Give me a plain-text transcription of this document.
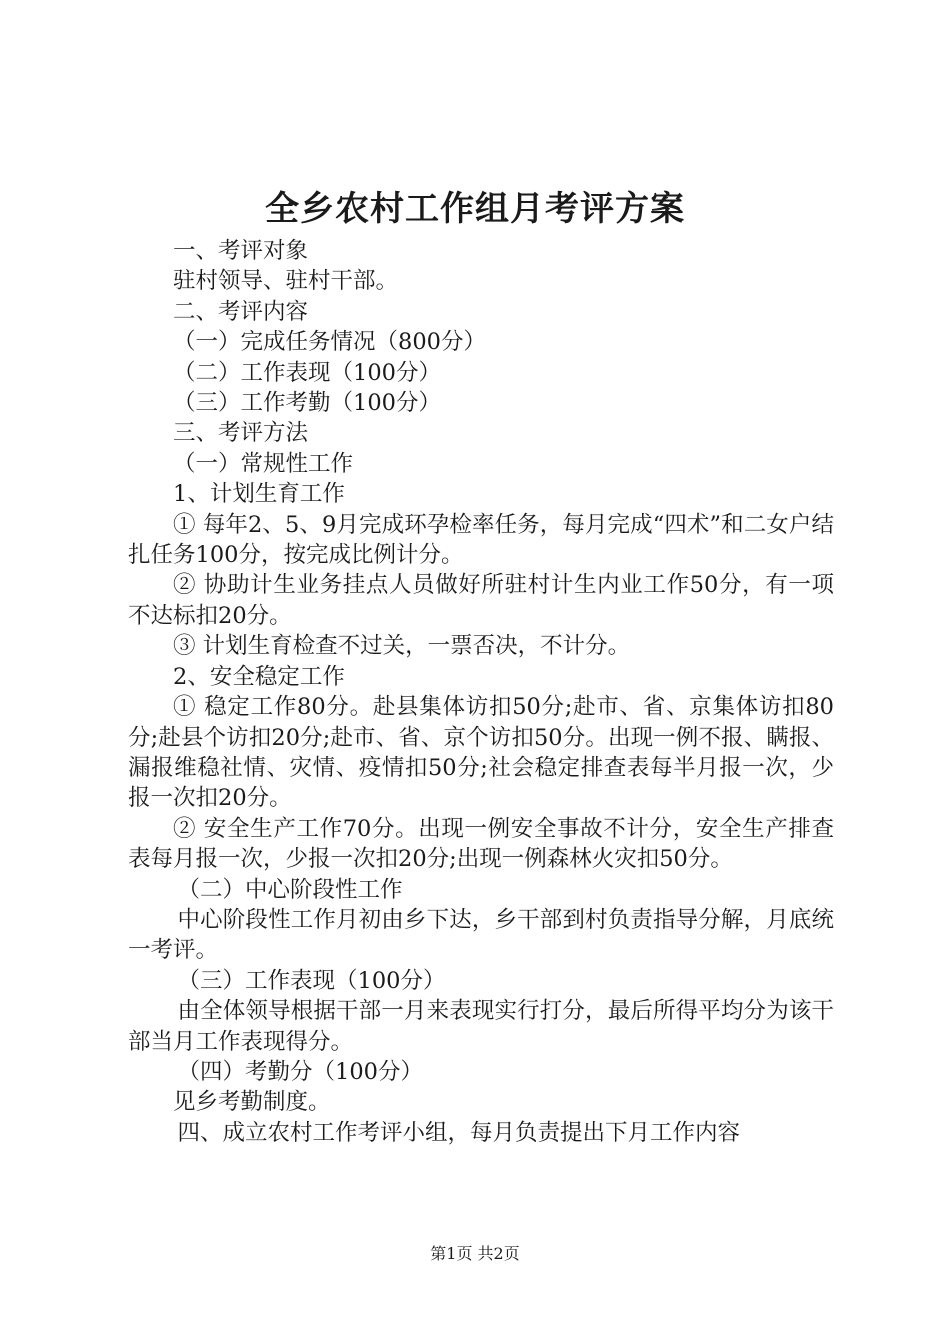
全乡农村工作组月考评方案

一、考评对象

驻村领导、驻村干部。

二、考评内容

（一）完成任务情况（800分）

（二）工作表现（100分）

（三）工作考勤（100分）

三、考评方法

（一）常规性工作

1、计划生育工作

① 每年2、5、9月完成环孕检率任务，每月完成“四术”和二女户结扎任务100分，按完成比例计分。

② 协助计生业务挂点人员做好所驻村计生内业工作50分，有一项不达标扣20分。

③ 计划生育检查不过关，一票否决，不计分。

2、安全稳定工作

① 稳定工作80分。赴县集体访扣50分;赴市、省、京集体访扣80分;赴县个访扣20分;赴市、省、京个访扣50分。出现一例不报、瞒报、漏报维稳社情、灾情、疫情扣50分;社会稳定排查表每半月报一次，少报一次扣20分。

② 安全生产工作70分。出现一例安全事故不计分，安全生产排查表每月报一次，少报一次扣20分;出现一例森林火灾扣50分。

（二）中心阶段性工作

中心阶段性工作月初由乡下达，乡干部到村负责指导分解，月底统一考评。

（三）工作表现（100分）

由全体领导根据干部一月来表现实行打分，最后所得平均分为该干部当月工作表现得分。

（四）考勤分（100分）

见乡考勤制度。

四、成立农村工作考评小组，每月负责提出下月工作内容

第1页 共2页
